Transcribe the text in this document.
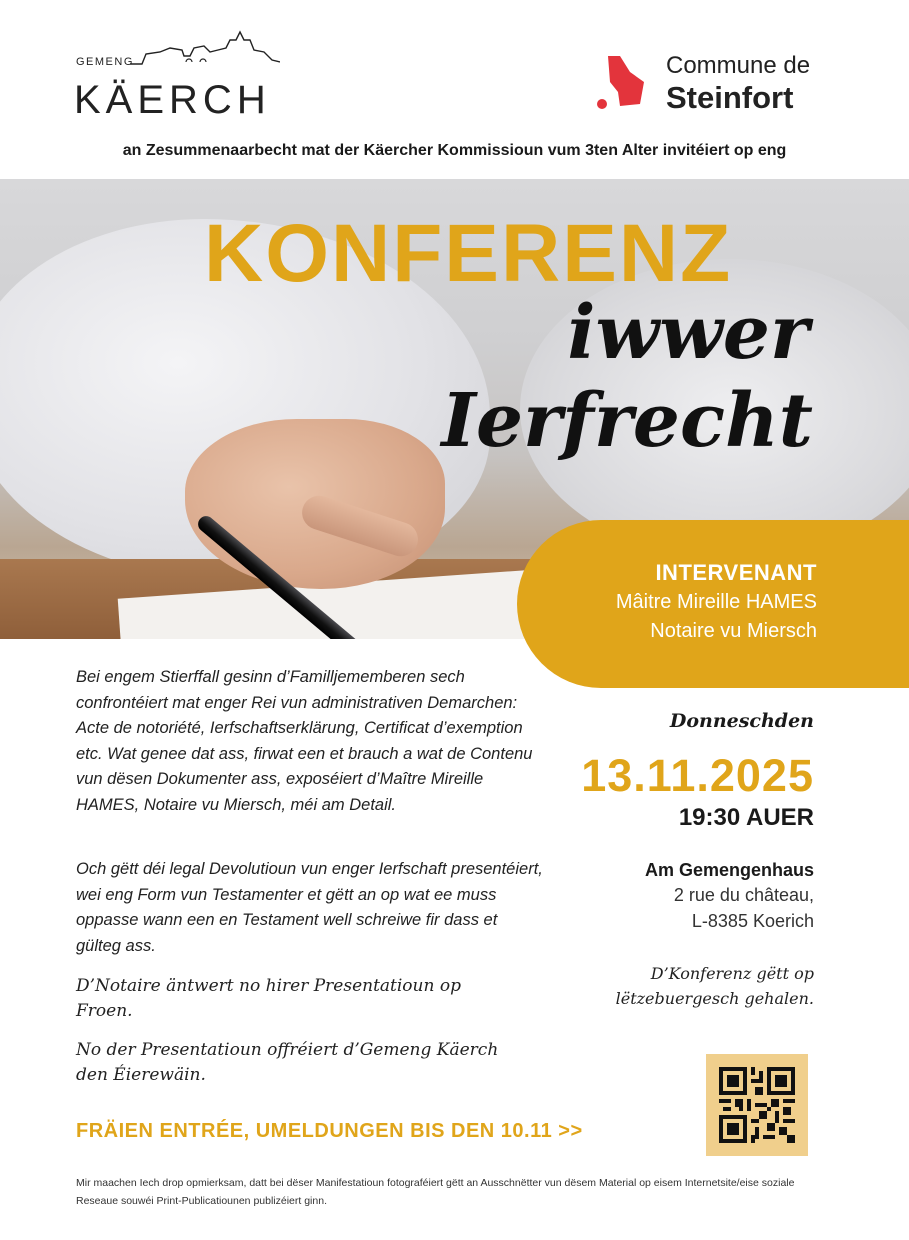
GEMENG
KÄERCH
Commune de
Steinfort
an Zesummenaarbecht mat der Käercher Kommissioun vum 3ten Alter invitéiert op eng
KONFERENZ
iwwer
Ierfrecht
INTERVENANT
Mâitre Mireille HAMES
Notaire vu Miersch

Bei engem Stierffall gesinn d’Familljememberen sech confrontéiert mat enger Rei vun administrativen Demarchen: Acte de notoriété, Ierfschaftserklärung, Certificat d’exemption etc. Wat genee dat ass, firwat een et brauch a wat de Contenu vun dësen Dokumenter ass, exposéiert d’Maître Mireille HAMES, Notaire vu Miersch, méi am Detail.

Och gëtt déi legal Devolutioun vun enger Ierfschaft presentéiert, wei eng Form vun Testamenter et gëtt an op wat ee muss oppasse wann een en Testament well schreiwe fir dass et gülteg ass.

D’Notaire äntwert no hirer Presentatioun op Froen.

No der Presentatioun offréiert d’Gemeng Käerch den Éierewäin.

Donneschden
13.11.2025
19:30 AUER
Am Gemengenhaus
2 rue du château,
L-8385 Koerich
D’Konferenz gëtt op lëtzebuergesch gehalen.
FRÄIEN ENTRÉE, UMELDUNGEN BIS DEN 10.11 >>

Mir maachen Iech drop opmierksam, datt bei dëser Manifestatioun fotograféiert gëtt an Ausschnëtter vun dësem Material op eisem Internetsite/eise soziale Reseaue souwéi Print-Publicatiounen publizéiert ginn.
